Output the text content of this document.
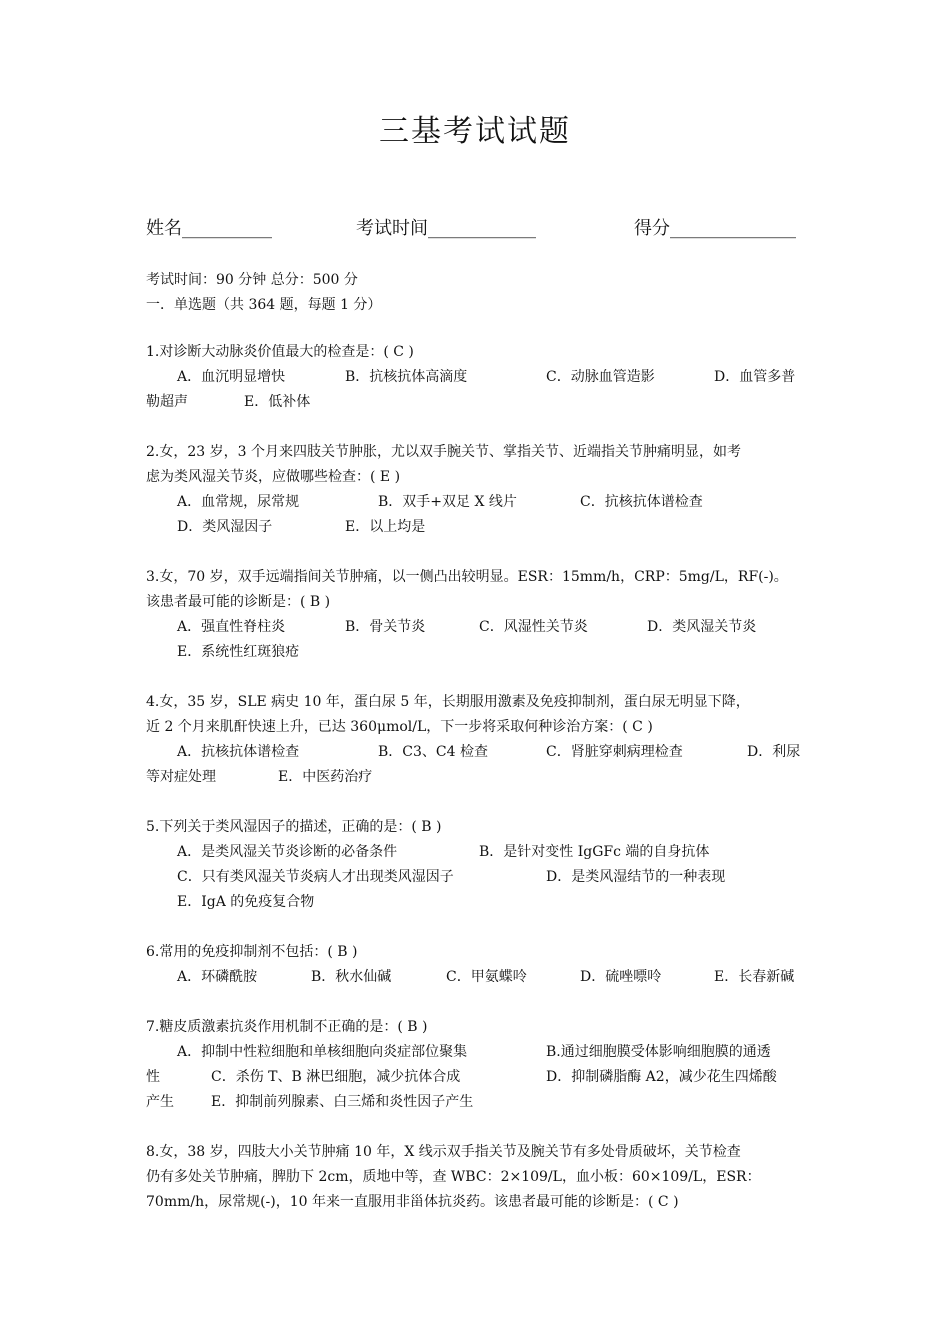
三基考试试题
姓名__________	考试时间____________	得分______________
考试时间：90 分钟 总分：500 分
一．单选题（共 364 题，每题 1 分）
1.对诊断大动脉炎价值最大的检查是：( C )
A．血沉明显增快	B．抗核抗体高滴度	C．动脉血管造影	D．血管多普
勒超声	E．低补体
2.女，23 岁，3 个月来四肢关节肿胀，尤以双手腕关节、掌指关节、近端指关节肿痛明显，如考
虑为类风湿关节炎，应做哪些检查：( E )
A．血常规，尿常规	B．双手+双足 X 线片	C．抗核抗体谱检查
D．类风湿因子	E．以上均是
3.女，70 岁，双手远端指间关节肿痛，以一侧凸出较明显。ESR：15mm/h，CRP：5mg/L，RF(-)。
该患者最可能的诊断是：( B )
A．强直性脊柱炎	B．骨关节炎	C．风湿性关节炎	D．类风湿关节炎
E．系统性红斑狼疮
4.女，35 岁，SLE 病史 10 年，蛋白尿 5 年，长期服用激素及免疫抑制剂，蛋白尿无明显下降，
近 2 个月来肌酐快速上升，已达 360μmol/L，下一步将采取何种诊治方案：( C )
A．抗核抗体谱检查	B．C3、C4 检查	C．肾脏穿刺病理检查	D．利尿
等对症处理	E．中医药治疗
5.下列关于类风湿因子的描述，正确的是：( B )
A．是类风湿关节炎诊断的必备条件	B．是针对变性 IgGFc 端的自身抗体
C．只有类风湿关节炎病人才出现类风湿因子	D．是类风湿结节的一种表现
E．IgA 的免疫复合物
6.常用的免疫抑制剂不包括：( B )
A．环磷酰胺	B．秋水仙碱	C．甲氨蝶呤	D．硫唑嘌呤	E．长春新碱
7.糖皮质激素抗炎作用机制不正确的是：( B )
A．抑制中性粒细胞和单核细胞向炎症部位聚集	B.通过细胞膜受体影响细胞膜的通透
性	C．杀伤 T、B 淋巴细胞，减少抗体合成	D．抑制磷脂酶 A2，减少花生四烯酸
产生	E．抑制前列腺素、白三烯和炎性因子产生
8.女，38 岁，四肢大小关节肿痛 10 年，X 线示双手指关节及腕关节有多处骨质破坏，关节检查
仍有多处关节肿痛，脾肋下 2cm，质地中等，查 WBC：2×109/L，血小板：60×109/L，ESR：
70mm/h，尿常规(-)，10 年来一直服用非甾体抗炎药。该患者最可能的诊断是：( C )
